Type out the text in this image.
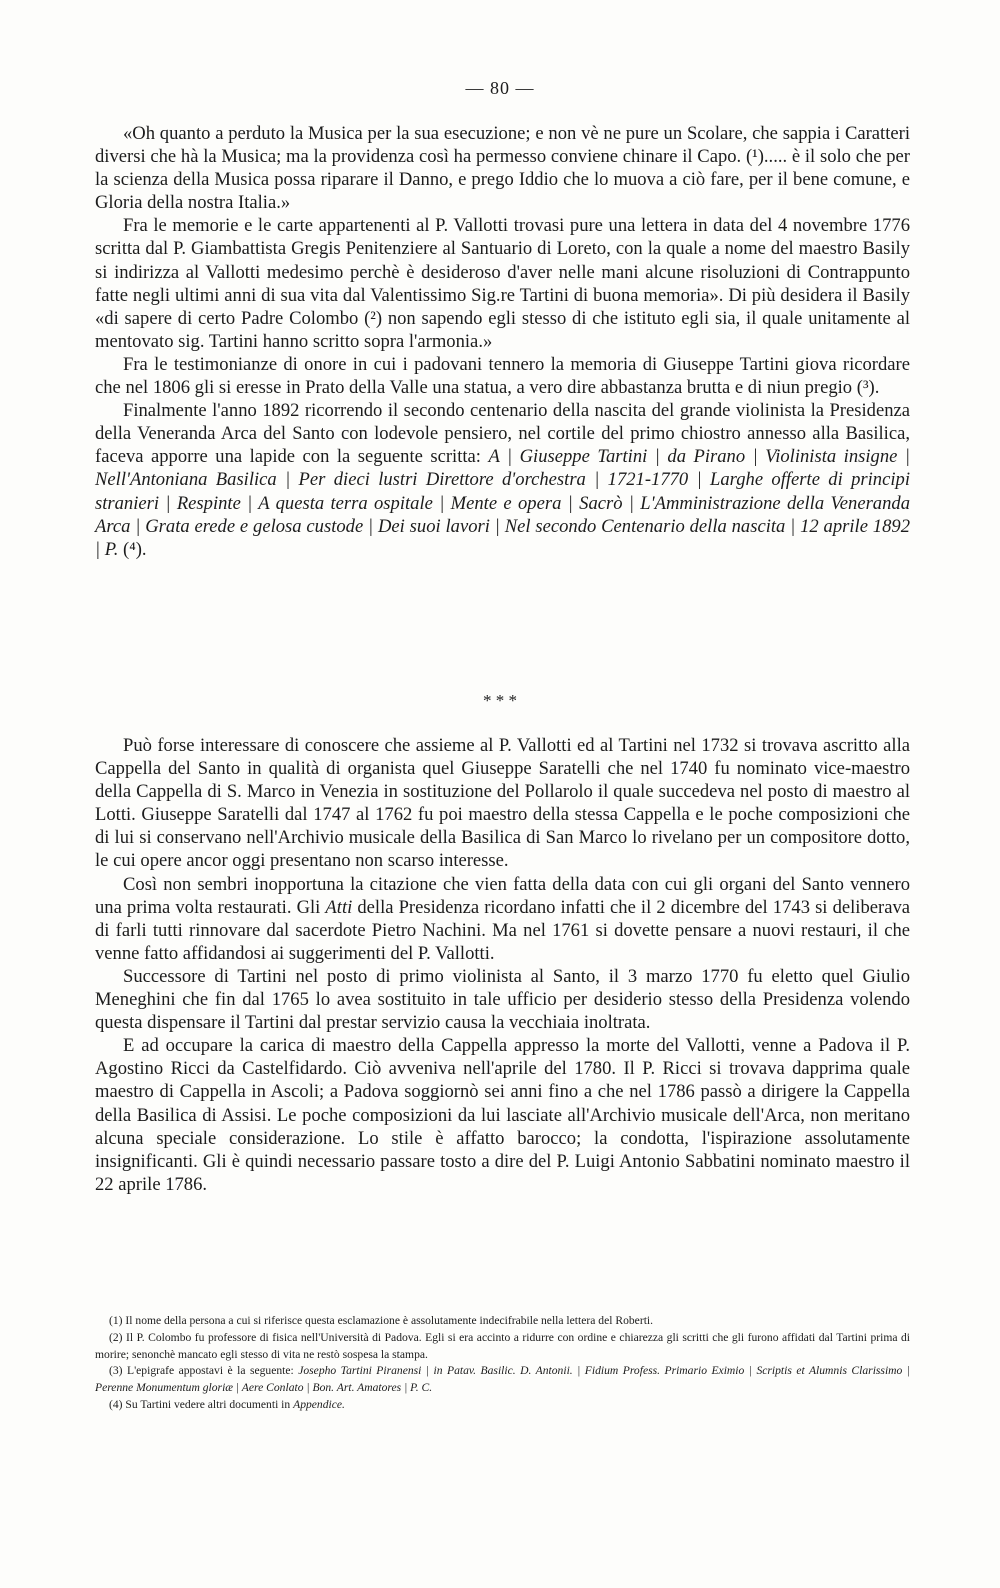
— 80 —

«Oh quanto a perduto la Musica per la sua esecuzione; e non vè ne pure un Scolare, che sappia i Caratteri diversi che hà la Musica; ma la providenza così ha permesso conviene chinare il Capo. (¹)..... è il solo che per la scienza della Musica possa riparare il Danno, e prego Iddio che lo muova a ciò fare, per il bene comune, e Gloria della nostra Italia.»

Fra le memorie e le carte appartenenti al P. Vallotti trovasi pure una lettera in data del 4 novembre 1776 scritta dal P. Giambattista Gregis Penitenziere al Santuario di Loreto, con la quale a nome del maestro Basily si indirizza al Vallotti medesimo perchè è desideroso d'aver nelle mani alcune risoluzioni di Contrappunto fatte negli ultimi anni di sua vita dal Valentissimo Sig.re Tartini di buona memoria». Di più desidera il Basily «di sapere di certo Padre Colombo (²) non sapendo egli stesso di che istituto egli sia, il quale unitamente al mentovato sig. Tartini hanno scritto sopra l'armonia.»

Fra le testimonianze di onore in cui i padovani tennero la memoria di Giuseppe Tartini giova ricordare che nel 1806 gli si eresse in Prato della Valle una statua, a vero dire abbastanza brutta e di niun pregio (³).

Finalmente l'anno 1892 ricorrendo il secondo centenario della nascita del grande violinista la Presidenza della Veneranda Arca del Santo con lodevole pensiero, nel cortile del primo chiostro annesso alla Basilica, faceva apporre una lapide con la seguente scritta: A | Giuseppe Tartini | da Pirano | Violinista insigne | Nell'Antoniana Basilica | Per dieci lustri Direttore d'orchestra | 1721-1770 | Larghe offerte di principi stranieri | Respinte | A questa terra ospitale | Mente e opera | Sacrò | L'Amministrazione della Veneranda Arca | Grata erede e gelosa custode | Dei suoi lavori | Nel secondo Centenario della nascita | 12 aprile 1892 | P. (⁴).

* * *

Può forse interessare di conoscere che assieme al P. Vallotti ed al Tartini nel 1732 si trovava ascritto alla Cappella del Santo in qualità di organista quel Giuseppe Saratelli che nel 1740 fu nominato vice-maestro della Cappella di S. Marco in Venezia in sostituzione del Pollarolo il quale succedeva nel posto di maestro al Lotti. Giuseppe Saratelli dal 1747 al 1762 fu poi maestro della stessa Cappella e le poche composizioni che di lui si conservano nell'Archivio musicale della Basilica di San Marco lo rivelano per un compositore dotto, le cui opere ancor oggi presentano non scarso interesse.

Così non sembri inopportuna la citazione che vien fatta della data con cui gli organi del Santo vennero una prima volta restaurati. Gli Atti della Presidenza ricordano infatti che il 2 dicembre del 1743 si deliberava di farli tutti rinnovare dal sacerdote Pietro Nachini. Ma nel 1761 si dovette pensare a nuovi restauri, il che venne fatto affidandosi ai suggerimenti del P. Vallotti.

Successore di Tartini nel posto di primo violinista al Santo, il 3 marzo 1770 fu eletto quel Giulio Meneghini che fin dal 1765 lo avea sostituito in tale ufficio per desiderio stesso della Presidenza volendo questa dispensare il Tartini dal prestar servizio causa la vecchiaia inoltrata.

E ad occupare la carica di maestro della Cappella appresso la morte del Vallotti, venne a Padova il P. Agostino Ricci da Castelfidardo. Ciò avveniva nell'aprile del 1780. Il P. Ricci si trovava dapprima quale maestro di Cappella in Ascoli; a Padova soggiornò sei anni fino a che nel 1786 passò a dirigere la Cappella della Basilica di Assisi. Le poche composizioni da lui lasciate all'Archivio musicale dell'Arca, non meritano alcuna speciale considerazione. Lo stile è affatto barocco; la condotta, l'ispirazione assolutamente insignificanti. Gli è quindi necessario passare tosto a dire del P. Luigi Antonio Sabbatini nominato maestro il 22 aprile 1786.

(1) Il nome della persona a cui si riferisce questa esclamazione è assolutamente indecifrabile nella lettera del Roberti.

(2) Il P. Colombo fu professore di fisica nell'Università di Padova. Egli si era accinto a ridurre con ordine e chiarezza gli scritti che gli furono affidati dal Tartini prima di morire; senonchè mancato egli stesso di vita ne restò sospesa la stampa.

(3) L'epigrafe appostavi è la seguente: Josepho Tartini Piranensi | in Patav. Basilic. D. Antonii. | Fidium Profess. Primario Eximio | Scriptis et Alumnis Clarissimo | Perenne Monumentum gloriæ | Aere Conlato | Bon. Art. Amatores | P. C.

(4) Su Tartini vedere altri documenti in Appendice.
